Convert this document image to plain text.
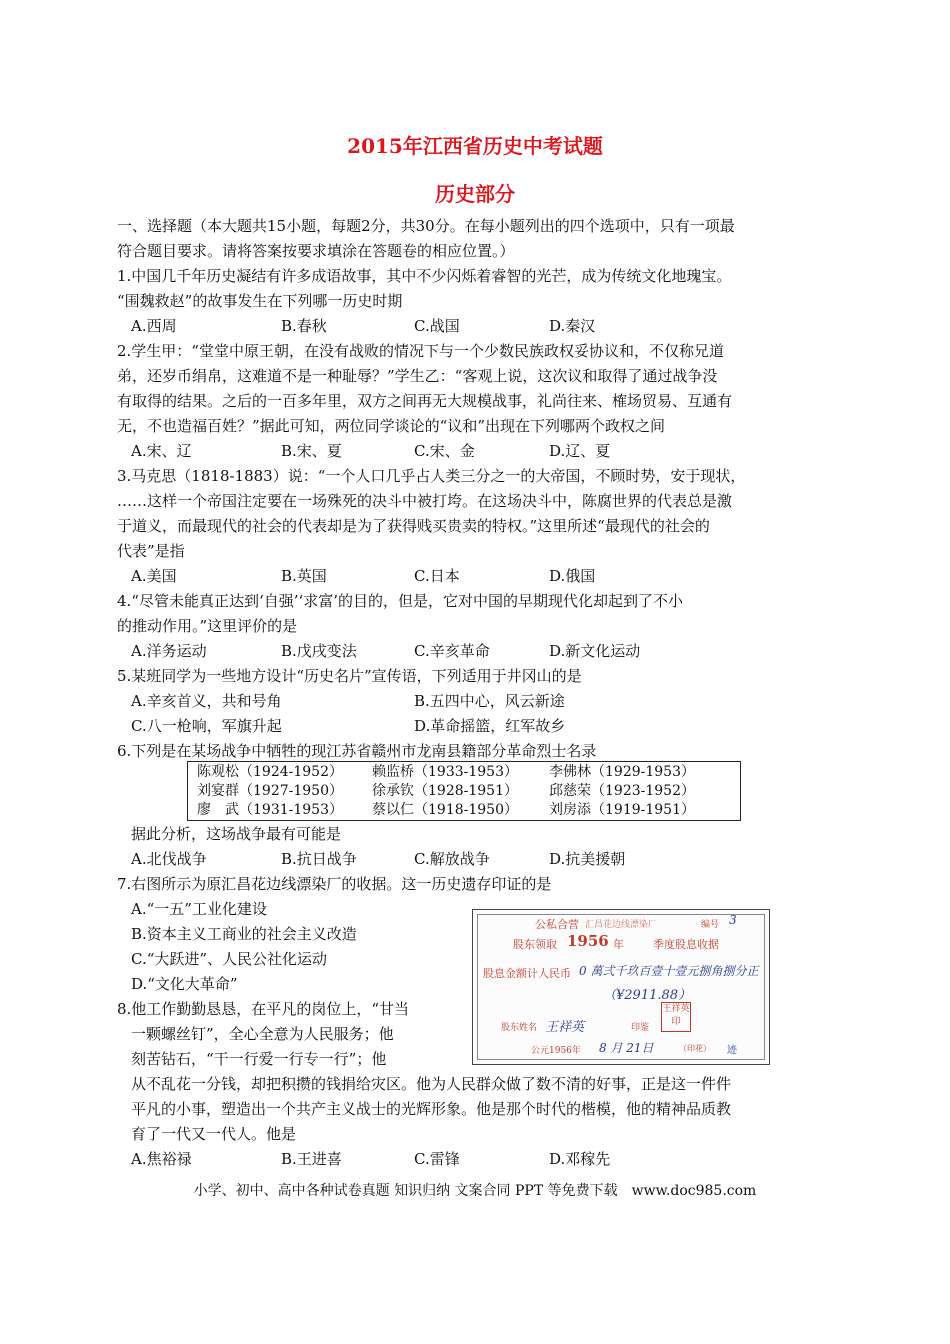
2015年江西省历史中考试题
历史部分
一、选择题（本大题共15小题，每题2分，共30分。在每小题列出的四个选项中，只有一项最
符合题目要求。请将答案按要求填涂在答题卷的相应位置。）
1.中国几千年历史凝结有许多成语故事，其中不少闪烁着睿智的光芒，成为传统文化地瑰宝。
“围魏救赵”的故事发生在下列哪一历史时期
A.西周	B.春秋	C.战国	D.秦汉
2.学生甲：“堂堂中原王朝，在没有战败的情况下与一个少数民族政权妥协议和，不仅称兄道
弟，还岁币绢帛，这难道不是一种耻辱？”学生乙：“客观上说，这次议和取得了通过战争没
有取得的结果。之后的一百多年里，双方之间再无大规模战事，礼尚往来、榷场贸易、互通有
无，不也造福百姓？”据此可知，两位同学谈论的“议和”出现在下列哪两个政权之间
A.宋、辽	B.宋、夏	C.宋、金	D.辽、夏
3.马克思（1818-1883）说：“一个人口几乎占人类三分之一的大帝国，不顾时势，安于现状，
……这样一个帝国注定要在一场殊死的决斗中被打垮。在这场决斗中，陈腐世界的代表总是激
于道义，而最现代的社会的代表却是为了获得贱买贵卖的特权。”这里所述“最现代的社会的
代表”是指
A.美国	B.英国	C.日本	D.俄国
4.“尽管未能真正达到‘自强’‘求富’的目的，但是，它对中国的早期现代化却起到了不小
的推动作用。”这里评价的是
A.洋务运动	B.戊戌变法	C.辛亥革命	D.新文化运动
5.某班同学为一些地方设计“历史名片”宣传语，下列适用于井冈山的是
A.辛亥首义，共和号角	B.五四中心，风云新途
C.八一枪响，军旗升起	D.革命摇篮，红军故乡
6.下列是在某场战争中牺牲的现江苏省赣州市龙南县籍部分革命烈士名录
陈观松（1924-1952） 赖监桥（1933-1953） 李佛林（1929-1953）
刘宴群（1927-1950） 徐承钦（1928-1951） 邱慈荣（1923-1952）
廖　武（1931-1953） 蔡以仁（1918-1950） 刘房添（1919-1951）
据此分析，这场战争最有可能是
A.北伐战争	B.抗日战争	C.解放战争	D.抗美援朝
7.右图所示为原汇昌花边线漂染厂的收据。这一历史遗存印证的是
A.“一五”工业化建设
B.资本主义工商业的社会主义改造
C.“大跃进”、人民公社化运动
D.“文化大革命”
公私合营 汇昌花边线漂染厂	编号 3
股东领取 1956 年	季度股息收据
股息金额计人民币 0 萬弍千玖百壹十壹元捌角捌分正
（¥2911.88）
股东姓名 王祥英	印鉴
王祥英印
公元1956年 8 月 21日	（印花） 迹
8.他工作勤勤恳恳，在平凡的岗位上，“甘当
一颗螺丝钉”，全心全意为人民服务；他
刻苦钻石，“干一行爱一行专一行”；他
从不乱花一分钱，却把积攒的钱捐给灾区。他为人民群众做了数不清的好事，正是这一件件
平凡的小事，塑造出一个共产主义战士的光辉形象。他是那个时代的楷模，他的精神品质教
育了一代又一代人。他是
A.焦裕禄	B.王进喜	C.雷锋	D.邓稼先
小学、初中、高中各种试卷真题 知识归纳 文案合同 PPT 等免费下载　www.doc985.com
